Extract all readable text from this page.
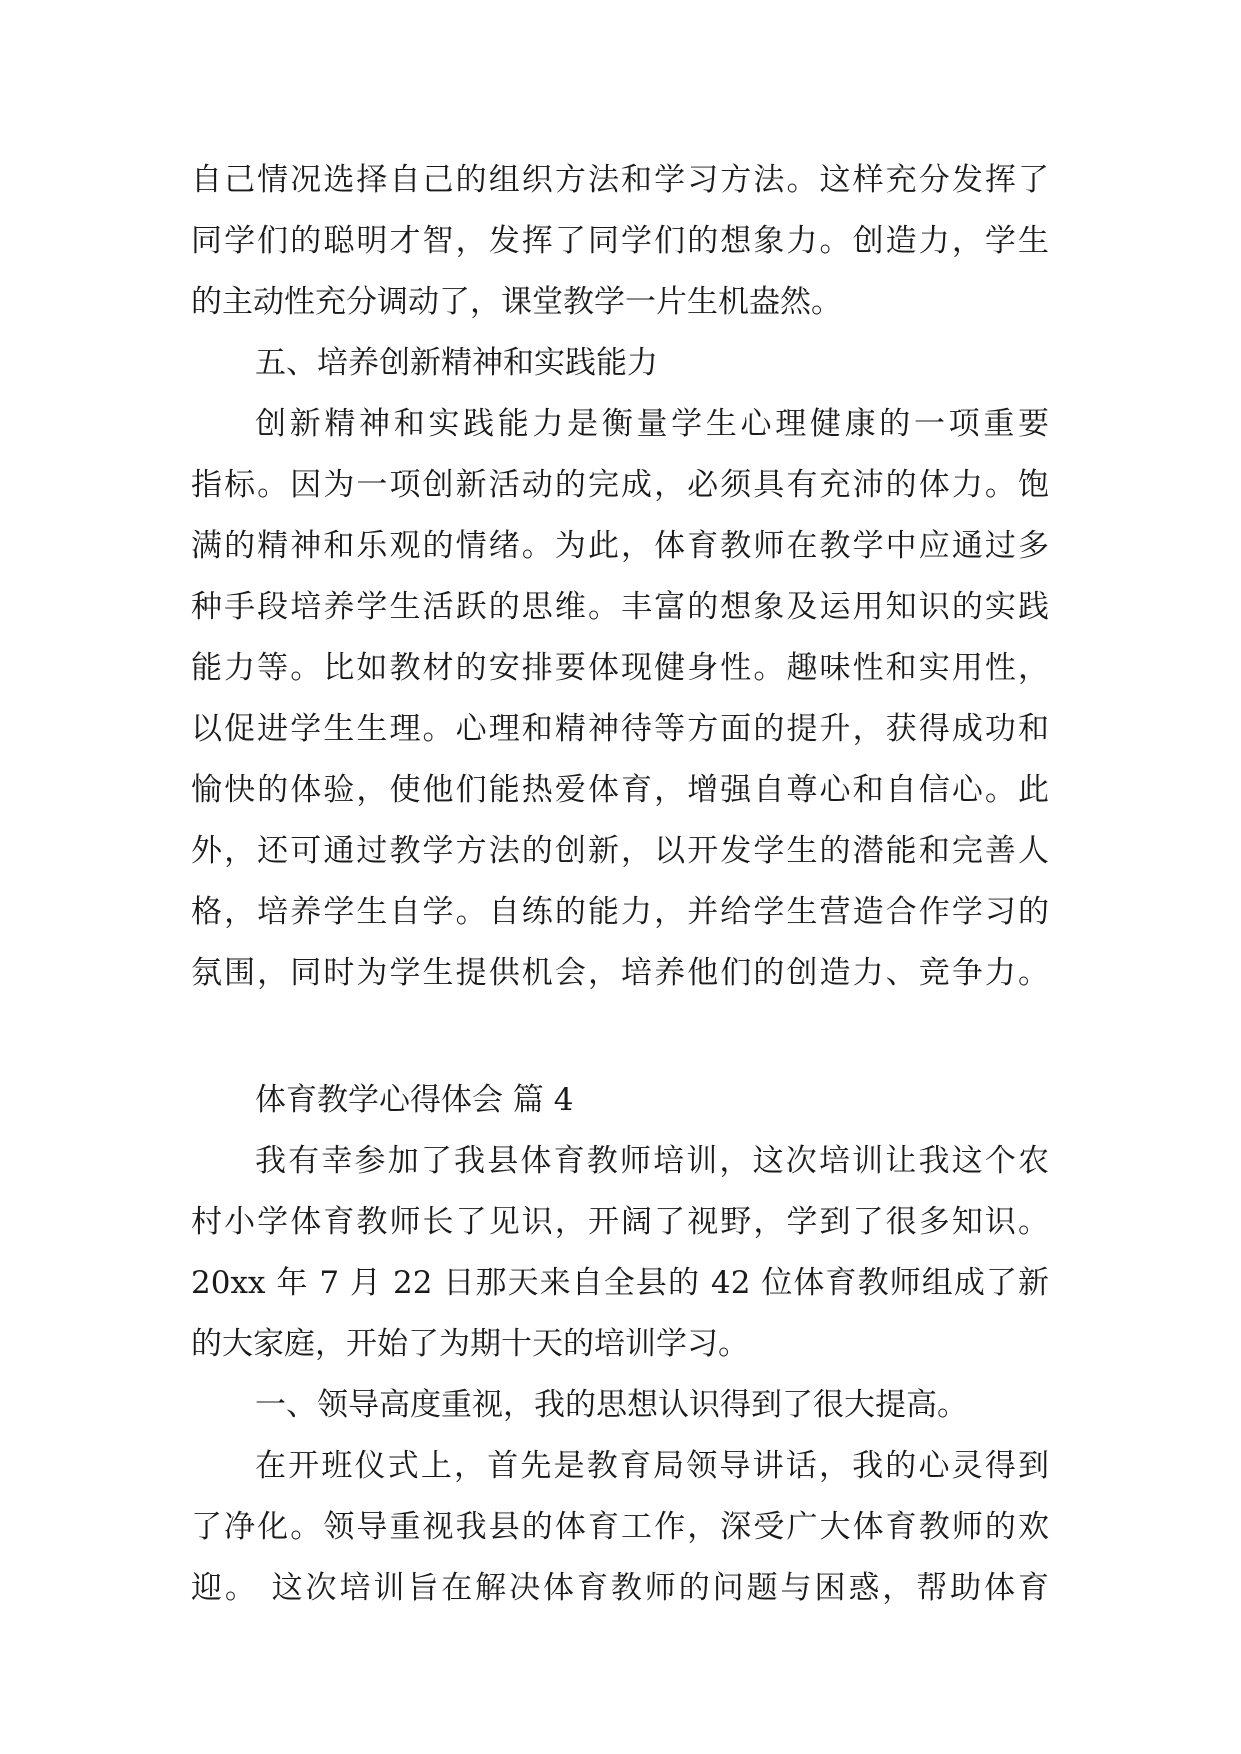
自己情况选择自己的组织方法和学习方法。这样充分发挥了
同学们的聪明才智，发挥了同学们的想象力。创造力，学生
的主动性充分调动了，课堂教学一片生机盎然。
五、培养创新精神和实践能力
创新精神和实践能力是衡量学生心理健康的一项重要
指标。因为一项创新活动的完成，必须具有充沛的体力。饱
满的精神和乐观的情绪。为此，体育教师在教学中应通过多
种手段培养学生活跃的思维。丰富的想象及运用知识的实践
能力等。比如教材的安排要体现健身性。趣味性和实用性，
以促进学生生理。心理和精神待等方面的提升，获得成功和
愉快的体验，使他们能热爱体育，增强自尊心和自信心。此
外，还可通过教学方法的创新，以开发学生的潜能和完善人
格，培养学生自学。自练的能力，并给学生营造合作学习的
氛围，同时为学生提供机会，培养他们的创造力、竞争力。
体育教学心得体会 篇 4
我有幸参加了我县体育教师培训，这次培训让我这个农
村小学体育教师长了见识，开阔了视野，学到了很多知识。
20xx 年 7 月 22 日那天来自全县的 42 位体育教师组成了新
的大家庭，开始了为期十天的培训学习。
一、领导高度重视，我的思想认识得到了很大提高。
在开班仪式上，首先是教育局领导讲话，我的心灵得到
了净化。领导重视我县的体育工作，深受广大体育教师的欢
迎。 这次培训旨在解决体育教师的问题与困惑，帮助体育
